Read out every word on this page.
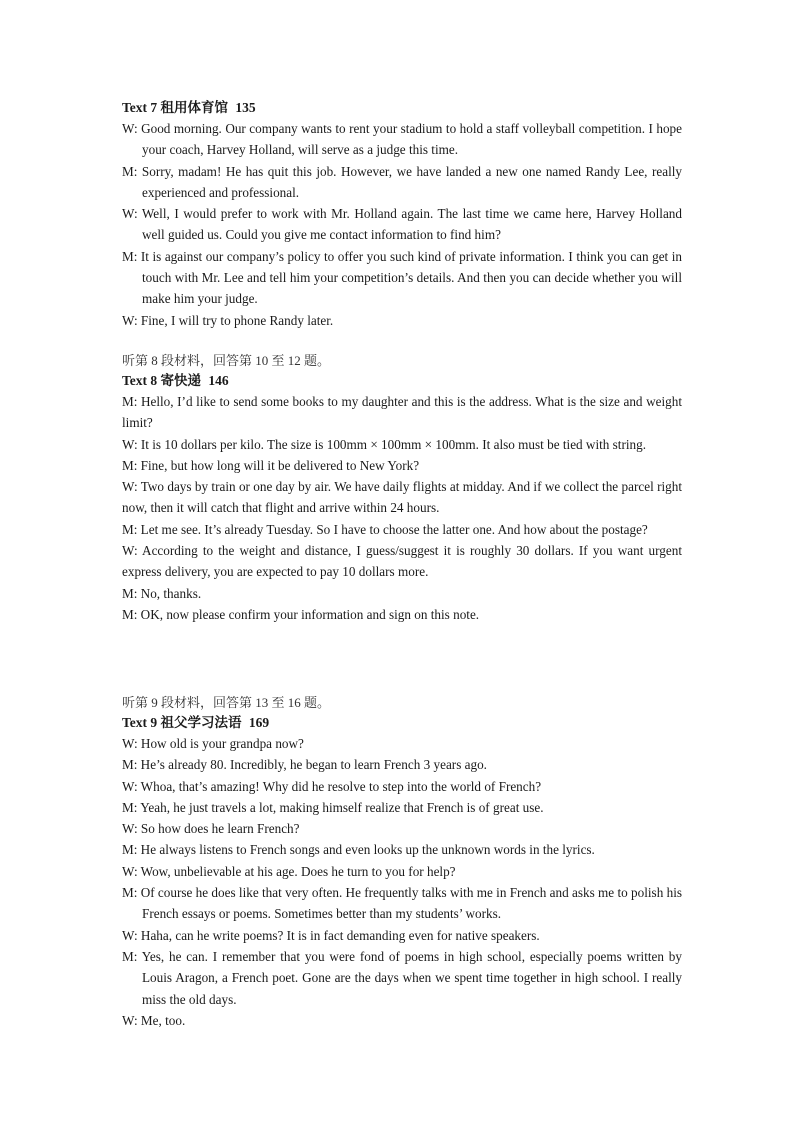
Text 7 租用体育馆 135
W: Good morning. Our company wants to rent your stadium to hold a staff volleyball competition. I hope your coach, Harvey Holland, will serve as a judge this time.
M: Sorry, madam! He has quit this job. However, we have landed a new one named Randy Lee, really experienced and professional.
W: Well, I would prefer to work with Mr. Holland again. The last time we came here, Harvey Holland well guided us. Could you give me contact information to find him?
M: It is against our company’s policy to offer you such kind of private information. I think you can get in touch with Mr. Lee and tell him your competition’s details. And then you can decide whether you will make him your judge.
W: Fine, I will try to phone Randy later.
听第 8 段材料，回答第 10 至 12 题。
Text 8 寄快递 146
M: Hello, I’d like to send some books to my daughter and this is the address. What is the size and weight limit?
W: It is 10 dollars per kilo. The size is 100mm × 100mm × 100mm. It also must be tied with string.
M: Fine, but how long will it be delivered to New York?
W: Two days by train or one day by air. We have daily flights at midday. And if we collect the parcel right now, then it will catch that flight and arrive within 24 hours.
M: Let me see. It’s already Tuesday. So I have to choose the latter one. And how about the postage?
W: According to the weight and distance, I guess/suggest it is roughly 30 dollars. If you want urgent express delivery, you are expected to pay 10 dollars more.
M: No, thanks.
M: OK, now please confirm your information and sign on this note.
听第 9 段材料，回答第 13 至 16 题。
Text 9 祖父学习法语 169
W: How old is your grandpa now?
M: He’s already 80. Incredibly, he began to learn French 3 years ago.
W: Whoa, that’s amazing! Why did he resolve to step into the world of French?
M: Yeah, he just travels a lot, making himself realize that French is of great use.
W: So how does he learn French?
M: He always listens to French songs and even looks up the unknown words in the lyrics.
W: Wow, unbelievable at his age. Does he turn to you for help?
M: Of course he does like that very often. He frequently talks with me in French and asks me to polish his French essays or poems. Sometimes better than my students’ works.
W: Haha, can he write poems? It is in fact demanding even for native speakers.
M: Yes, he can. I remember that you were fond of poems in high school, especially poems written by Louis Aragon, a French poet. Gone are the days when we spent time together in high school. I really miss the old days.
W: Me, too.
